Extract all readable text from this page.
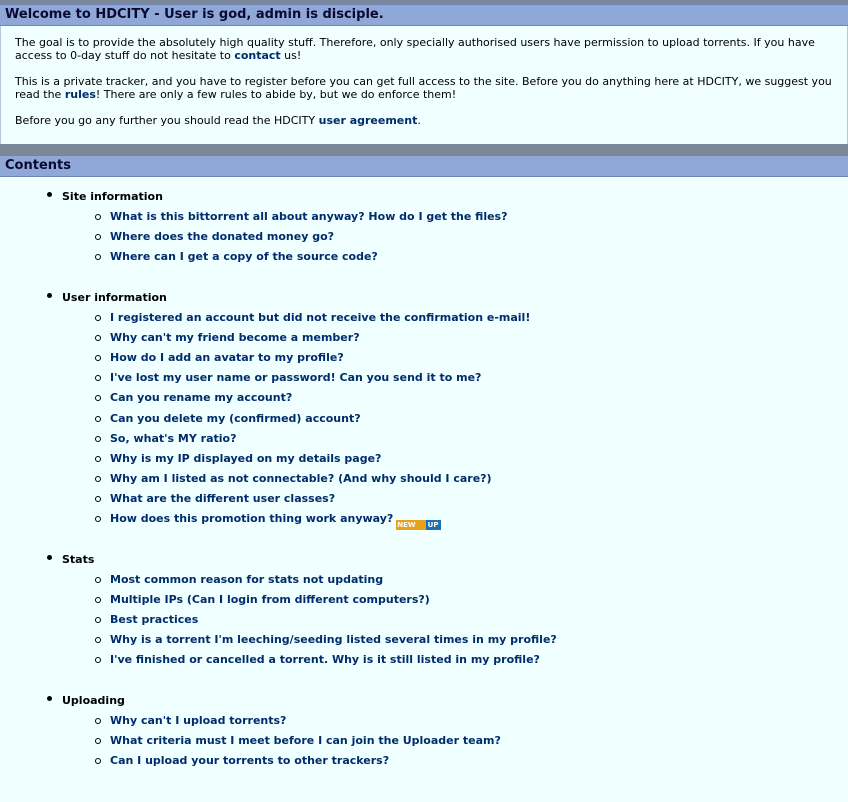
Welcome to HDCITY - User is god, admin is disciple.

The goal is to provide the absolutely high quality stuff. Therefore, only specially authorised users have permission to upload torrents. If you have access to 0-day stuff do not hesitate to contact us!

This is a private tracker, and you have to register before you can get full access to the site. Before you do anything here at HDCITY, we suggest you read the rules! There are only a few rules to abide by, but we do enforce them!

Before you go any further you should read the HDCITY user agreement.

Contents
Site information
What is this bittorrent all about anyway? How do I get the files?
Where does the donated money go?
Where can I get a copy of the source code?
User information
I registered an account but did not receive the confirmation e-mail!
Why can't my friend become a member?
How do I add an avatar to my profile?
I've lost my user name or password! Can you send it to me?
Can you rename my account?
Can you delete my (confirmed) account?
So, what's MY ratio?
Why is my IP displayed on my details page?
Why am I listed as not connectable? (And why should I care?)
What are the different user classes?
How does this promotion thing work anyway? NEW UP
Stats
Most common reason for stats not updating
Multiple IPs (Can I login from different computers?)
Best practices
Why is a torrent I'm leeching/seeding listed several times in my profile?
I've finished or cancelled a torrent. Why is it still listed in my profile?
Uploading
Why can't I upload torrents?
What criteria must I meet before I can join the Uploader team?
Can I upload your torrents to other trackers?
